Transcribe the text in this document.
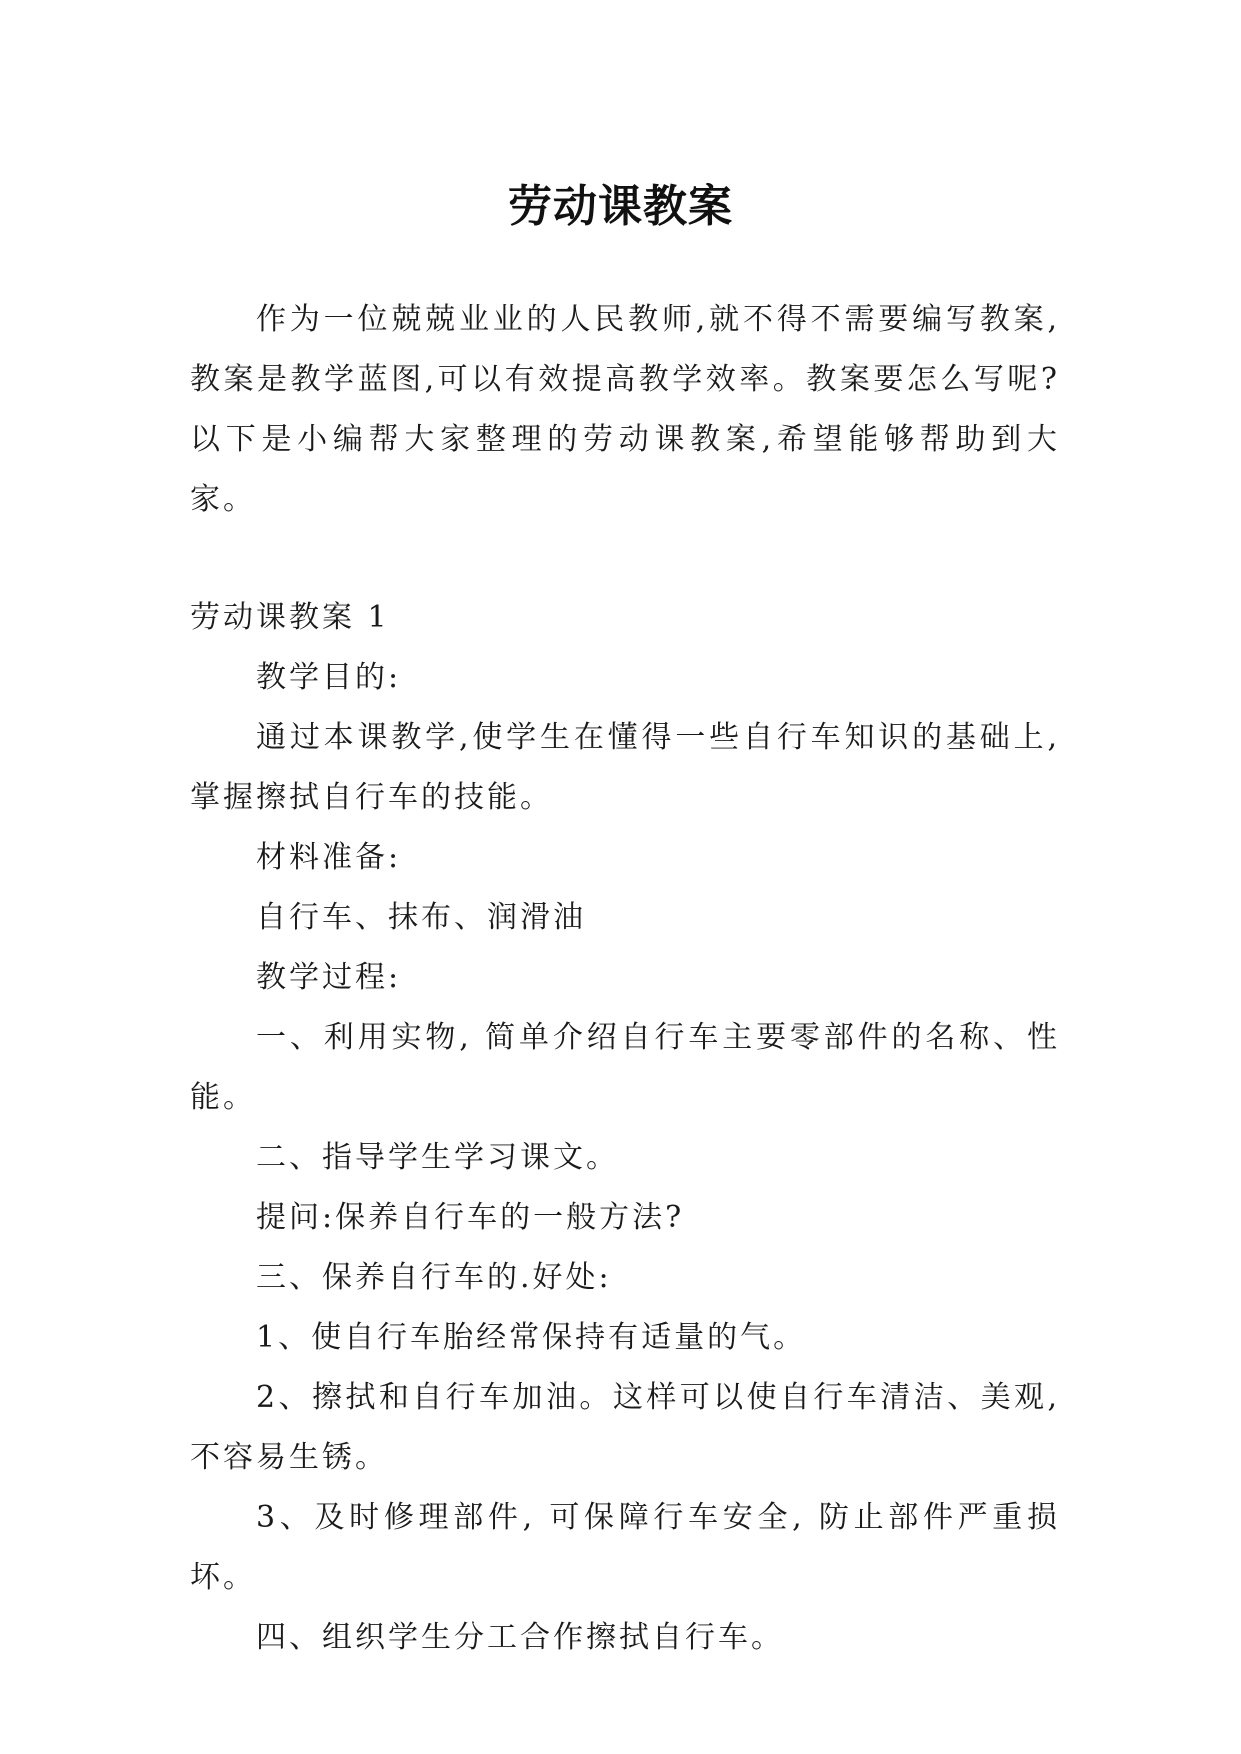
劳动课教案

作为一位兢兢业业的人民教师,就不得不需要编写教案,教案是教学蓝图,可以有效提高教学效率。教案要怎么写呢?以下是小编帮大家整理的劳动课教案,希望能够帮助到大家。

劳动课教案 1

教学目的:

通过本课教学,使学生在懂得一些自行车知识的基础上,掌握擦拭自行车的技能。

材料准备:

自行车、抹布、润滑油

教学过程:

一、利用实物, 简单介绍自行车主要零部件的名称、性能。

二、指导学生学习课文。

提问:保养自行车的一般方法?

三、保养自行车的.好处:

1、使自行车胎经常保持有适量的气。

2、擦拭和自行车加油。这样可以使自行车清洁、美观,不容易生锈。

3、及时修理部件, 可保障行车安全, 防止部件严重损坏。

四、组织学生分工合作擦拭自行车。
